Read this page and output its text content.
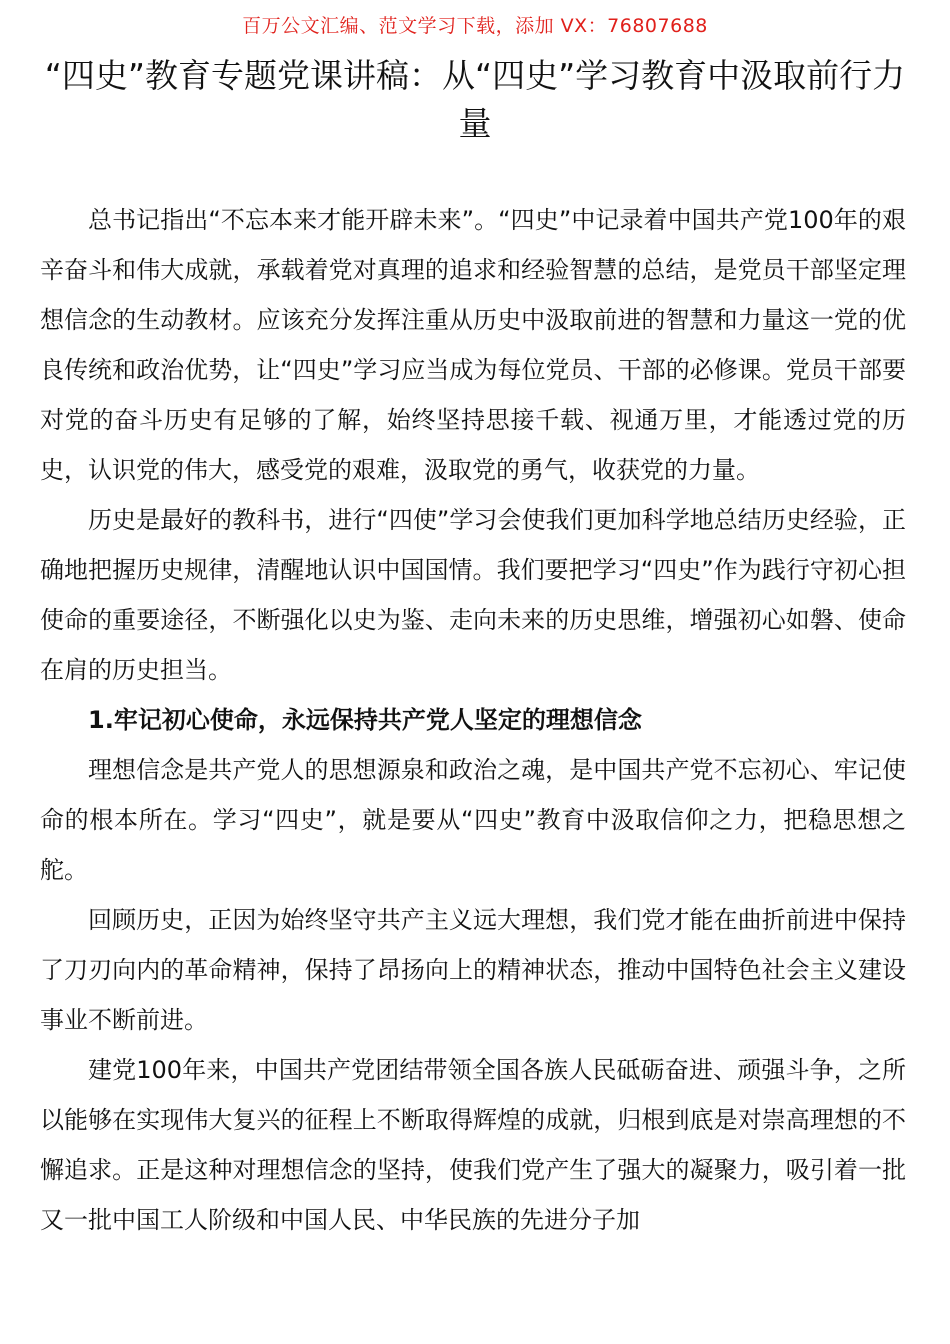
百万公文汇编、范文学习下载，添加 VX：76807688
“四史”教育专题党课讲稿：从“四史”学习教育中汲取前行力量

总书记指出“不忘本来才能开辟未来”。“四史”中记录着中国共产党100年的艰辛奋斗和伟大成就，承载着党对真理的追求和经验智慧的总结，是党员干部坚定理想信念的生动教材。应该充分发挥注重从历史中汲取前进的智慧和力量这一党的优良传统和政治优势，让“四史”学习应当成为每位党员、干部的必修课。党员干部要对党的奋斗历史有足够的了解，始终坚持思接千载、视通万里，才能透过党的历史，认识党的伟大，感受党的艰难，汲取党的勇气，收获党的力量。

历史是最好的教科书，进行“四使”学习会使我们更加科学地总结历史经验，正确地把握历史规律，清醒地认识中国国情。我们要把学习“四史”作为践行守初心担使命的重要途径，不断强化以史为鉴、走向未来的历史思维，增强初心如磐、使命在肩的历史担当。

1.牢记初心使命，永远保持共产党人坚定的理想信念

理想信念是共产党人的思想源泉和政治之魂，是中国共产党不忘初心、牢记使命的根本所在。学习“四史”，就是要从“四史”教育中汲取信仰之力，把稳思想之舵。

回顾历史，正因为始终坚守共产主义远大理想，我们党才能在曲折前进中保持了刀刃向内的革命精神，保持了昂扬向上的精神状态，推动中国特色社会主义建设事业不断前进。

建党100年来，中国共产党团结带领全国各族人民砥砺奋进、顽强斗争，之所以能够在实现伟大复兴的征程上不断取得辉煌的成就，归根到底是对崇高理想的不懈追求。正是这种对理想信念的坚持，使我们党产生了强大的凝聚力，吸引着一批又一批中国工人阶级和中国人民、中华民族的先进分子加
